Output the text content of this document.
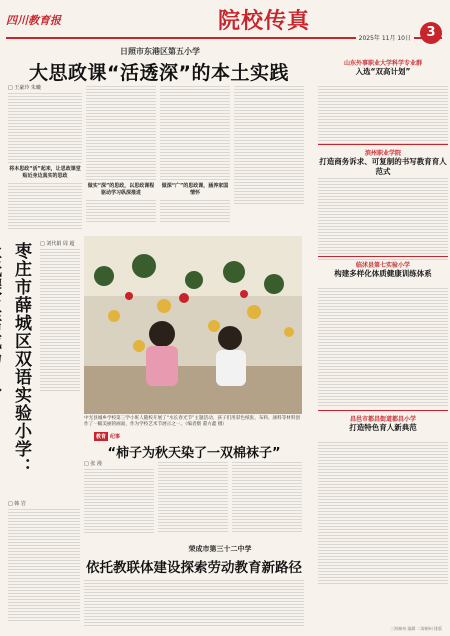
四川教育报	院校传真
2025年 11月 10日	3
日照市东港区第五小学
大思政课“活透深”的本土实践
□ 王豪玲 朱曦
将本思政“活”起来，让思政课堂贴近身边真实的思政
做实“深”的思政，以思政课程驱动学习纵深推进
做深“广”的思政课，涵养家国情怀
枣庄市薛城区双语实验小学：
□ 刘代娟 周 超
中光县城乡学校第三学小班人随校开展了“水长春光节”主题活动，孩子们用彩色纸张、布料、颜料等材料创作了一幅美丽的画面，作为学校艺术节展示之一。（编者摄 董方鑫 摄）
教育 纪事
“柿子为秋天染了一双棉袜子”
□ 张 漫
荣成市第三十二中学
依托教联体建设探索劳动教育新路径
□ 韩 岩
山东外事职业大学科学专业群
入选“双高计划”
滨州职业学院
打造商务诉求、可复制的书写教育育人范式
临沭县第七实验小学
构建多样化体质健康训练体系
昌邑市都昌街道都昌小学
打造特色育人新典范
三海制州 编辑 二海制州 排版
